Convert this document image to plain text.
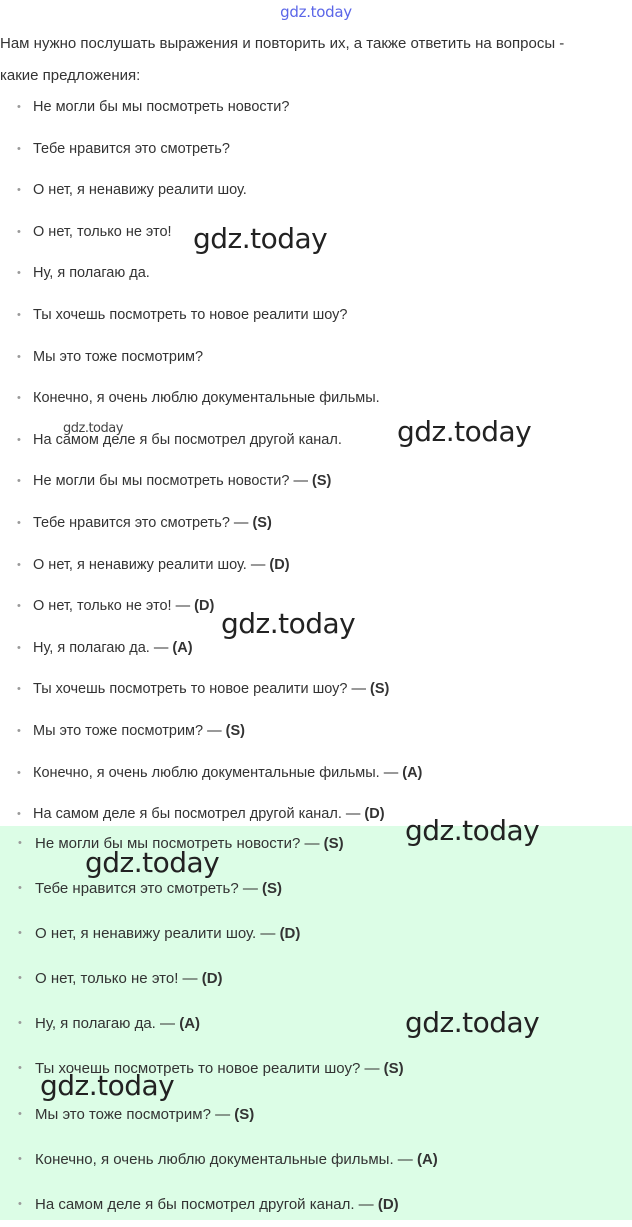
gdz.today
Нам нужно послушать выражения и повторить их, а также ответить на вопросы - какие предложения:
• Не могли бы мы посмотреть новости?
• Тебе нравится это смотреть?
• О нет, я ненавижу реалити шоу.
• О нет, только не это!
• Ну, я полагаю да.
• Ты хочешь посмотреть то новое реалити шоу?
• Мы это тоже посмотрим?
• Конечно, я очень люблю документальные фильмы.
• На самом деле я бы посмотрел другой канал.
• Не могли бы мы посмотреть новости? — (S)
• Тебе нравится это смотреть? — (S)
• О нет, я ненавижу реалити шоу. — (D)
• О нет, только не это! — (D)
• Ну, я полагаю да. — (A)
• Ты хочешь посмотреть то новое реалити шоу? — (S)
• Мы это тоже посмотрим? — (S)
• Конечно, я очень люблю документальные фильмы. — (A)
• На самом деле я бы посмотрел другой канал. — (D)
• Не могли бы мы посмотреть новости? — (S)
• Тебе нравится это смотреть? — (S)
• О нет, я ненавижу реалити шоу. — (D)
• О нет, только не это! — (D)
• Ну, я полагаю да. — (A)
• Ты хочешь посмотреть то новое реалити шоу? — (S)
• Мы это тоже посмотрим? — (S)
• Конечно, я очень люблю документальные фильмы. — (A)
• На самом деле я бы посмотрел другой канал. — (D)
gdz.today
gdz.today	gdz.today
gdz.today
gdz.today
gdz.today
gdz.today
gdz.today
